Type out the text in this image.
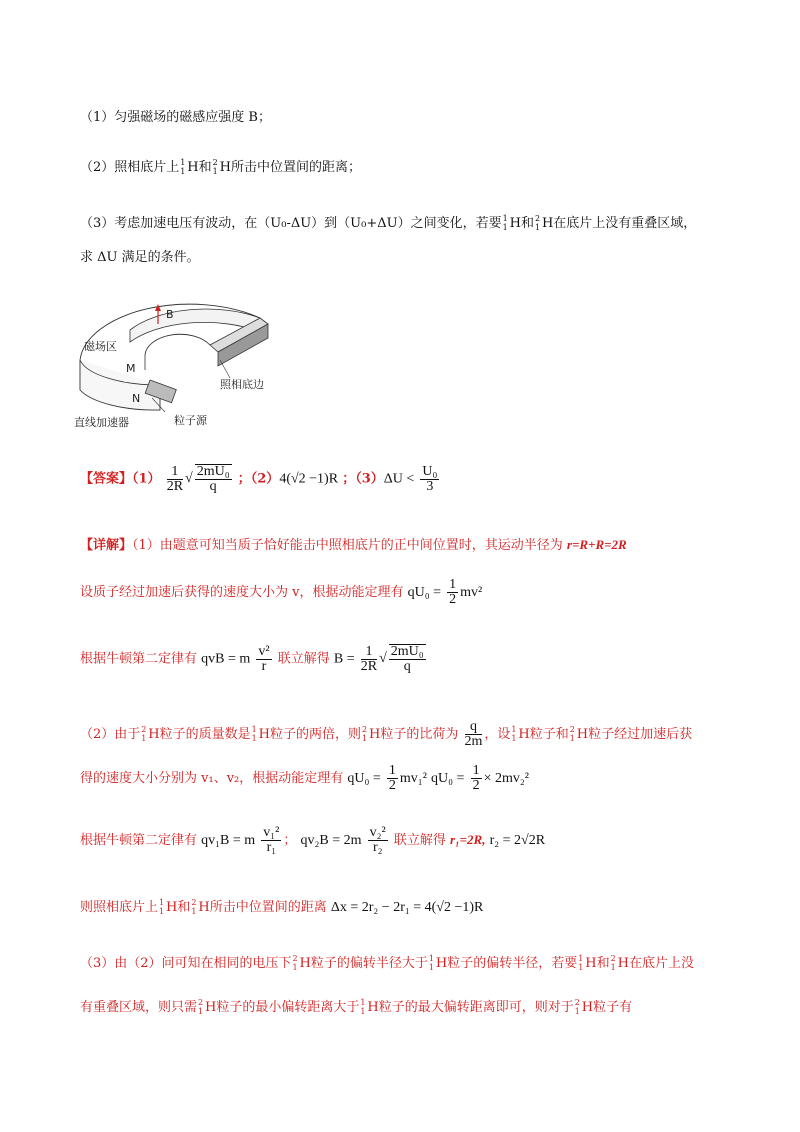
（1）匀强磁场的磁感应强度 B；
（2）照相底片上 1
1 H和 2
1 H所击中位置间的距离；
（3）考虑加速电压有波动，在（U₀-ΔU）到（U₀+ΔU）之间变化，若要 1
1 H和 2
1 H在底片上没有重叠区域，
求 ΔU 满足的条件。
B
磁场区
M
N
照相底边
直线加速器	粒子源
【答案】$(1) \frac{1}{2R}$ √ $\frac{\text{2mU₀}}{q}$ ；（2）4(√2 −1)R ；$(3)\Delta U < \frac{\text{U₀}}{3}$
【详解】（1）由题意可知当质子恰好能击中照相底片的正中间位置时，其运动半径为 r=R+R=2R
设质子经过加速后获得的速度大小为 v，根据动能定理有 $qU_0 = \frac{1}{2} mv^2$
根据牛顿第二定律有 qvB = m $\frac{\text{v²}}{r}$ 联立解得 $B = \frac{1}{2R}$ √ $\frac{\text{2mU₀}}{q}$
（2）由于 2
1 H粒子的质量数是 1
1 H粒子的两倍，则 2
1 H粒子的比荷为 $\frac{q}{2m}$ ，设 1
1 H粒子和 2
1 H粒子经过加速后获
得的速度大小分别为 v₁、v₂，根据动能定理有 $qU_0 = \frac{1}{2} mv_1^2$ $qU_0 = \frac{1}{2} \times 2mv_2^2$
根据牛顿第二定律有 qv₁B = m $\frac{\text{v₁²}}{\text{r₁}}$ ； $qv_2B = 2m \frac{\text{v₂²}}{\text{r₂}}$ 联立解得 r₁=2R, r₂ = 2√2R
则照相底片上 1
1 H和 2
1 H所击中位置间的距离 Δx = 2r₂ − 2r₁ = 4(√2 −1)R
（3）由（2）问可知在相同的电压下 2
1 H粒子的偏转半径大于 1
1 H粒子的偏转半径，若要 1
1 H和 2
1 H在底片上没
有重叠区域，则只需 2
1 H粒子的最小偏转距离大于 1
1 H粒子的最大偏转距离即可，则对于 2
1 H粒子有
